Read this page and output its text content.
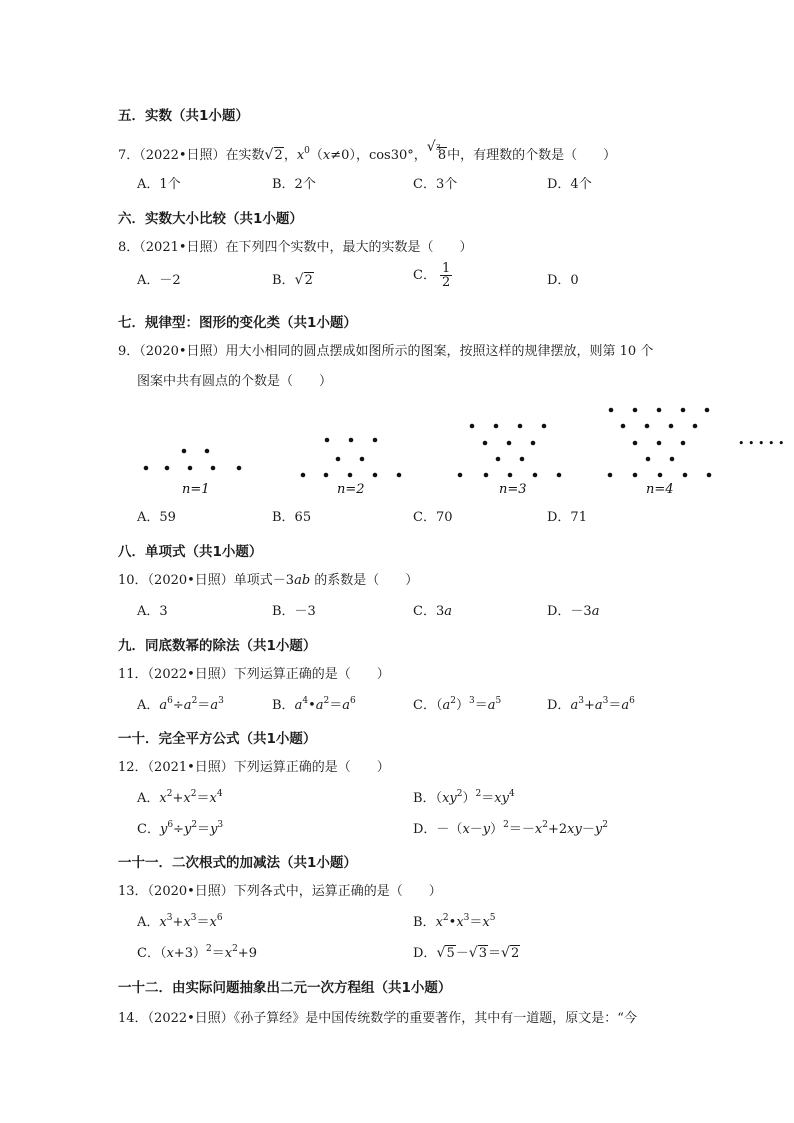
五．实数（共1小题）
7．（2022•日照）在实数 √ 2，$x^0(x\ne 0)$，cos30°，√ $^3$8中，有理数的个数是（　　）
A．1个	B．2个	C．3个	D．4个
六．实数大小比较（共1小题）
8．（2021•日照）在下列四个实数中，最大的实数是（　　）
A．－2	B． √ 2	C． $\frac{1}{2}$	D．0
七．规律型：图形的变化类（共1小题）
9．（2020•日照）用大小相同的圆点摆成如图所示的图案，按照这样的规律摆放，则第 10 个
图案中共有圆点的个数是（　　）
• • • • •
n=1	n=2	n=3	n=4
A．59	B．65	C．70	D．71
八．单项式（共1小题）
10．（2020•日照）单项式－3ab 的系数是（　　）
A．3	B．－3	C．3a	D．－3a
九．同底数幂的除法（共1小题）
11．（2022•日照）下列运算正确的是（　　）
A．$a^6\div a^2=a^3$	B．$a^4•a^2=a^6$	C．$(a^2)^3=a^5$	D．$a^3+a^3=a^6$
一十．完全平方公式（共1小题）
12．（2021•日照）下列运算正确的是（　　）
A．$x^2+x^2=x^4$	B．$(xy^2)^2=xy^4$
C．$y^6\div y^2=y^3$	D．$-(x-y)^2=-x^2+2xy-y^2$
一十一．二次根式的加减法（共1小题）
13．（2020•日照）下列各式中，运算正确的是（　　）
A．$x^3+x^3=x^6$	B．$x^2•x^3=x^5$
C．$(x+3)^2=x^2+9$	D． √ 5－ √ 3＝ √ 2
一十二．由实际问题抽象出二元一次方程组（共1小题）
14．（2022•日照）《孙子算经》是中国传统数学的重要著作，其中有一道题，原文是：“今
